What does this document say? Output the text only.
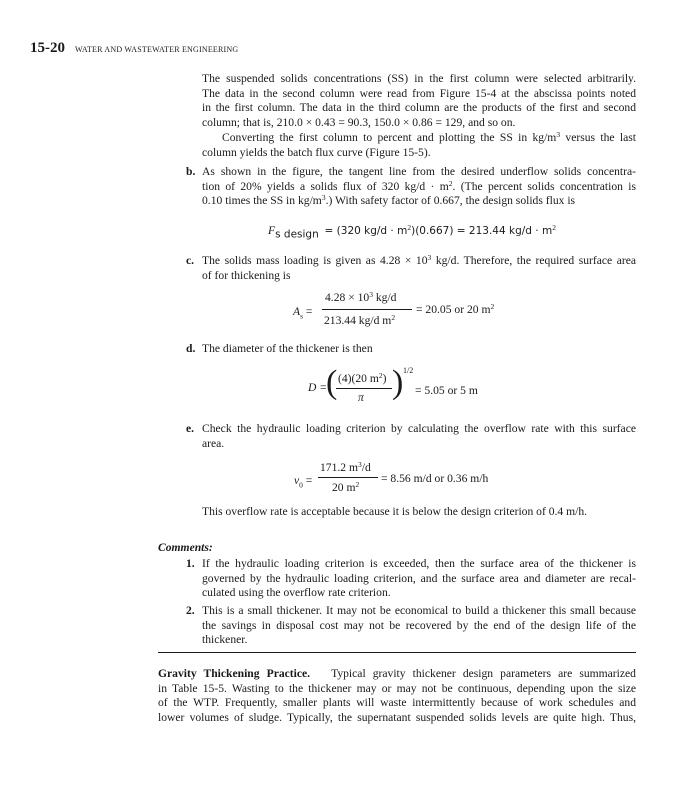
15-20 WATER AND WASTEWATER ENGINEERING
The suspended solids concentrations (SS) in the first column were selected arbitrarily.
The data in the second column were read from Figure 15-4 at the abscissa points noted
in the first column. The data in the third column are the products of the first and second
column; that is, 210.0 × 0.43 = 90.3, 150.0 × 0.86 = 129, and so on.
Converting the first column to percent and plotting the SS in $kg/m^3$ versus the last
column yields the batch flux curve (Figure 15-5).
b. As shown in the figure, the tangent line from the desired underflow solids concentra-
tion of 20% yields a solids flux of 320 $kg/d \cdot m^2$. (The percent solids concentration is
0.10 times the SS in $kg/m^3$.) With safety factor of 0.667, the design solids flux is
$F_{s design} = (320$ $kg/d \cdot m^2)(0.667) = 213.44$ $kg/d \cdot m^2$
c. The solids mass loading is given as $4.28 \times 10^3$ kg/d. Therefore, the required surface area
of for thickening is
$A_s$ =
$4.28 \times 10^3$ kg/d
213.44 kg/d $m^2$
= 20.05 or 20 $m^2$
d. The diameter of the thickener is then
D =
( (4)(20 $m^2$)
π ) 1/2
= 5.05 or 5 m
e. Check the hydraulic loading criterion by calculating the overflow rate with this surface
area.
$v_0$ =
171.2 $m^3/d$
20 $m^2 = 8.56$ m/d or 0.36 m/h
This overflow rate is acceptable because it is below the design criterion of 0.4 m/h.
Comments:
1. If the hydraulic loading criterion is exceeded, then the surface area of the thickener is
governed by the hydraulic loading criterion, and the surface area and diameter are recal-
culated using the overflow rate criterion.
2. This is a small thickener. It may not be economical to build a thickener this small because
the savings in disposal cost may not be recovered by the end of the design life of the
thickener.
Gravity Thickening Practice. Typical gravity thickener design parameters are summarized
in Table 15-5. Wasting to the thickener may or may not be continuous, depending upon the size
of the WTP. Frequently, smaller plants will waste intermittently because of work schedules and
lower volumes of sludge. Typically, the supernatant suspended solids levels are quite high. Thus,
